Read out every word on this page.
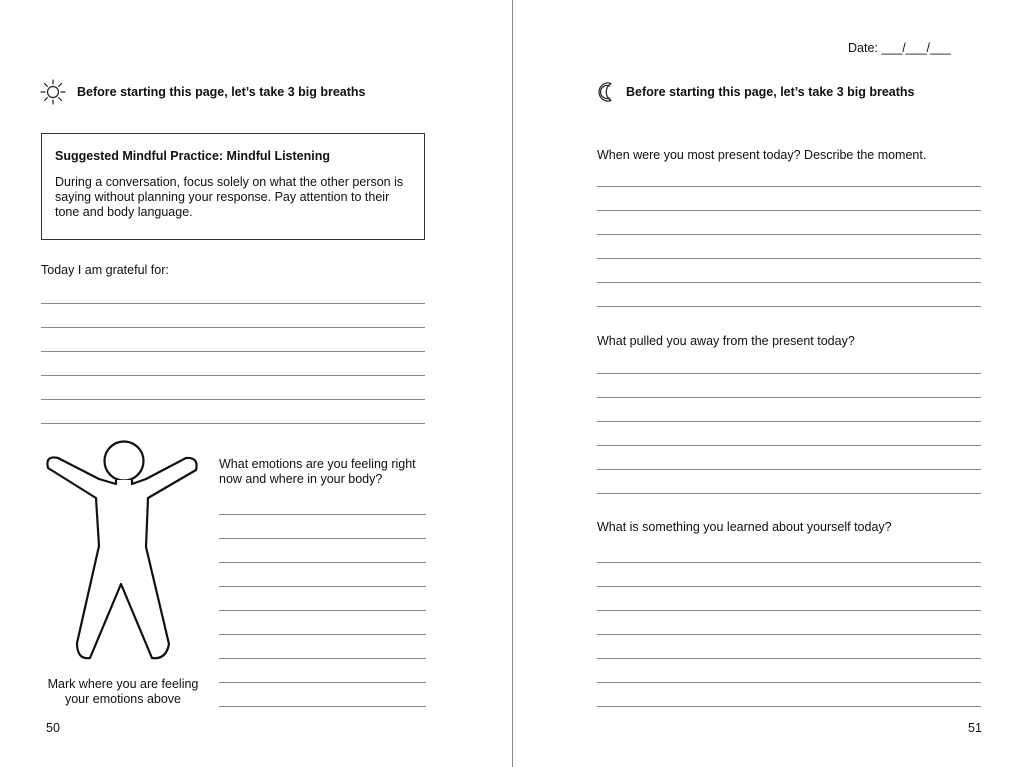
Before starting this page, let’s take 3 big breaths

Suggested Mindful Practice: Mindful Listening

During a conversation, focus solely on what the other person is saying without planning your response. Pay attention to their tone and body language.

Today I am grateful for:
Mark where you are feeling your emotions above
What emotions are you feeling right now and where in your body?
50
Date: ___/___/___
Before starting this page, let’s take 3 big breaths
When were you most present today? Describe the moment.
What pulled you away from the present today?
What is something you learned about yourself today?
51
